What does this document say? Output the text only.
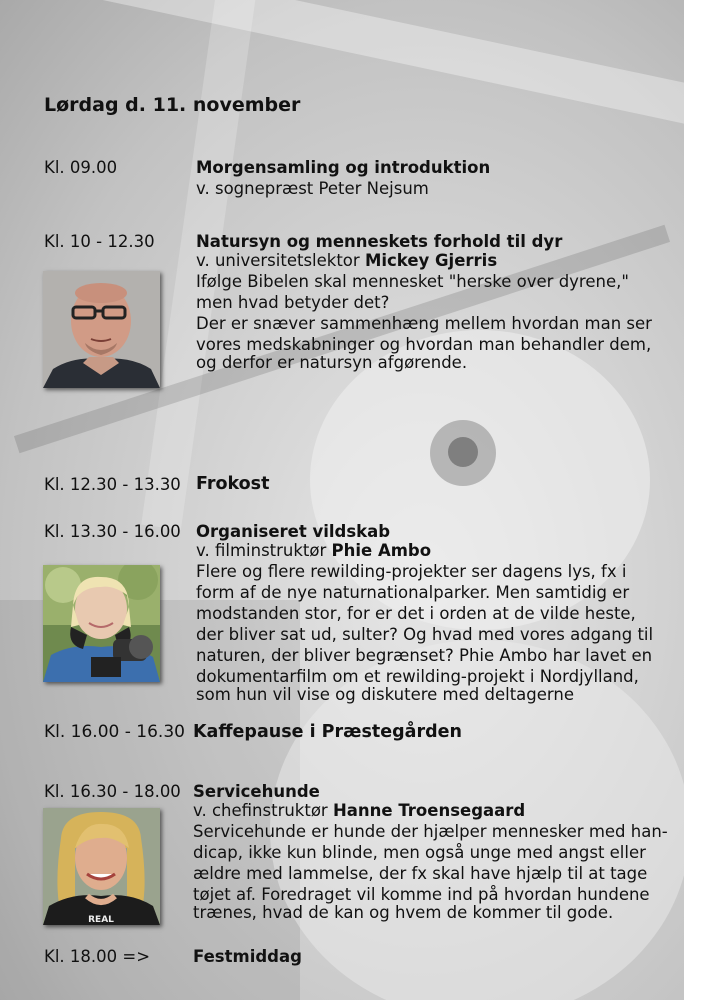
Lørdag d. 11. november
Kl. 09.00	Morgensamling og introduktion
v. sognepræst Peter Nejsum
Kl. 10 - 12.30	Natursyn og menneskets forhold til dyr
v. universitetslektor Mickey Gjerris
Ifølge Bibelen skal mennesket "herske over dyrene,"
men hvad betyder det?
Der er snæver sammenhæng mellem hvordan man ser
vores medskabninger og hvordan man behandler dem,
og derfor er natursyn afgørende.
Kl. 12.30 - 13.30 Frokost
Kl. 13.30 - 16.00 Organiseret vildskab
v. filminstruktør Phie Ambo
Flere og flere rewilding-projekter ser dagens lys, fx i
form af de nye naturnationalparker. Men samtidig er
modstanden stor, for er det i orden at de vilde heste,
der bliver sat ud, sulter? Og hvad med vores adgang til
naturen, der bliver begrænset? Phie Ambo har lavet en
dokumentarfilm om et rewilding-projekt i Nordjylland,
som hun vil vise og diskutere med deltagerne
Kl. 16.00 - 16.30 Kaffepause i Præstegården
Kl. 16.30 - 18.00 Servicehunde
v. chefinstruktør Hanne Troensegaard
Servicehunde er hunde der hjælper mennesker med han-
dicap, ikke kun blinde, men også unge med angst eller
ældre med lammelse, der fx skal have hjælp til at tage
tøjet af. Foredraget vil komme ind på hvordan hundene
trænes, hvad de kan og hvem de kommer til gode.
REAL
Kl. 18.00 =>	Festmiddag
